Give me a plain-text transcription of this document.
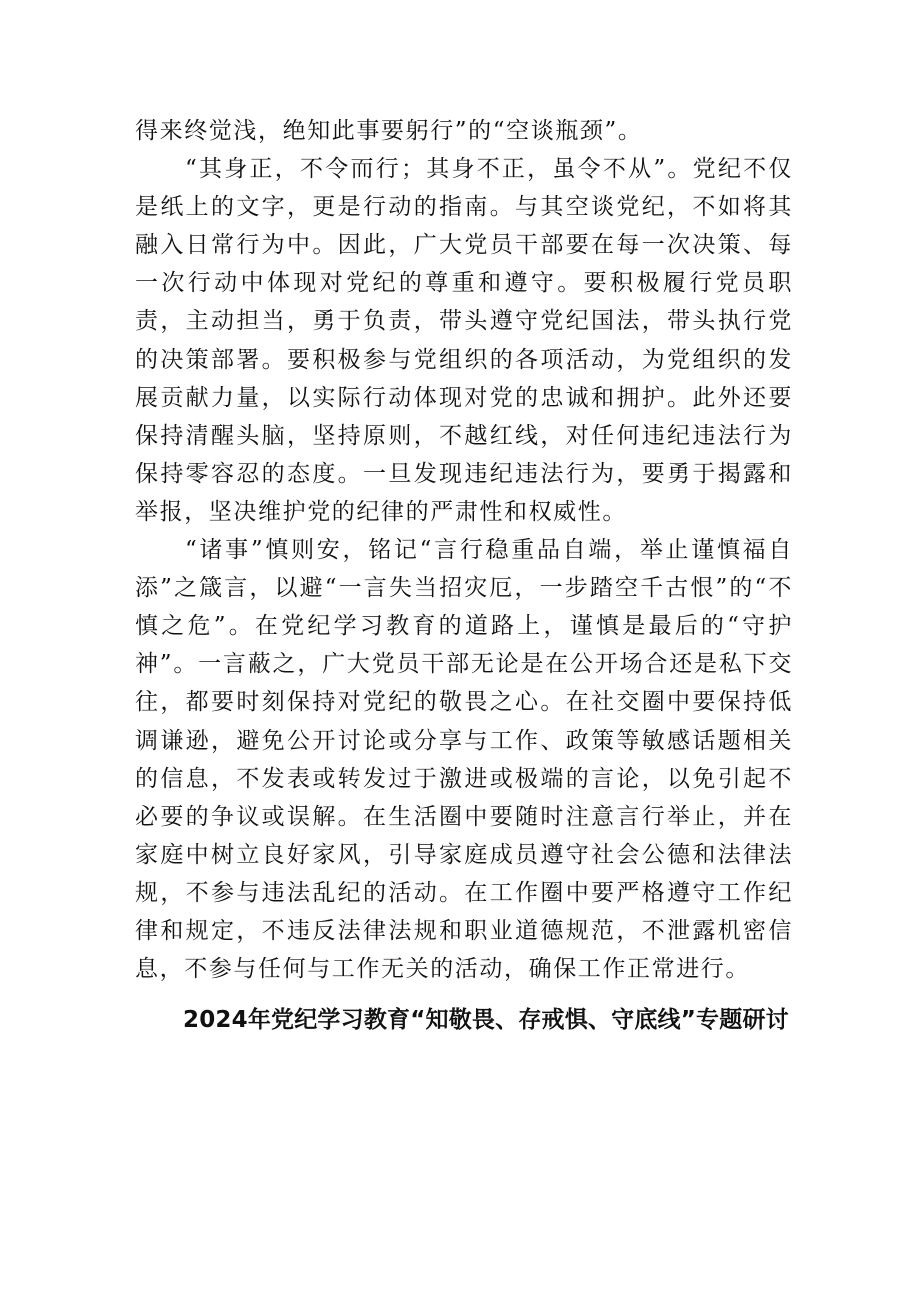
得来终觉浅，绝知此事要躬行”的“空谈瓶颈”。

“其身正，不令而行；其身不正，虽令不从”。党纪不仅是纸上的文字，更是行动的指南。与其空谈党纪，不如将其融入日常行为中。因此，广大党员干部要在每一次决策、每一次行动中体现对党纪的尊重和遵守。要积极履行党员职责，主动担当，勇于负责，带头遵守党纪国法，带头执行党的决策部署。要积极参与党组织的各项活动，为党组织的发展贡献力量，以实际行动体现对党的忠诚和拥护。此外还要保持清醒头脑，坚持原则，不越红线，对任何违纪违法行为保持零容忍的态度。一旦发现违纪违法行为，要勇于揭露和举报，坚决维护党的纪律的严肃性和权威性。

“诸事”慎则安，铭记“言行稳重品自端，举止谨慎福自添”之箴言，以避“一言失当招灾厄，一步踏空千古恨”的“不慎之危”。在党纪学习教育的道路上，谨慎是最后的“守护神”。一言蔽之，广大党员干部无论是在公开场合还是私下交往，都要时刻保持对党纪的敬畏之心。在社交圈中要保持低调谦逊，避免公开讨论或分享与工作、政策等敏感话题相关的信息，不发表或转发过于激进或极端的言论，以免引起不必要的争议或误解。在生活圈中要随时注意言行举止，并在家庭中树立良好家风，引导家庭成员遵守社会公德和法律法规，不参与违法乱纪的活动。在工作圈中要严格遵守工作纪律和规定，不违反法律法规和职业道德规范，不泄露机密信息，不参与任何与工作无关的活动，确保工作正常进行。

2024年党纪学习教育“知敬畏、存戒惧、守底线”专题研讨
